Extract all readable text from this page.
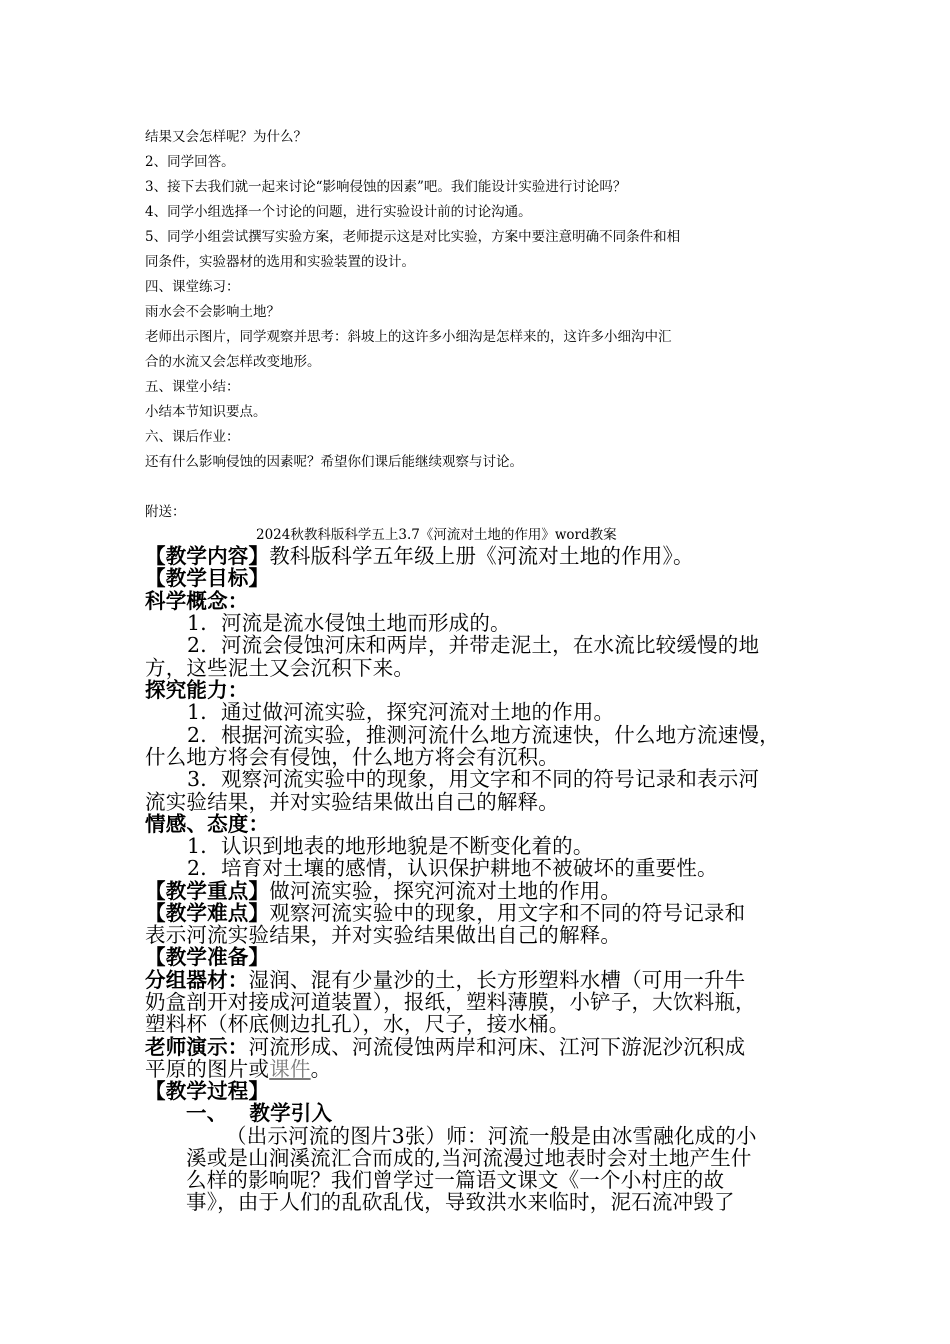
结果又会怎样呢？为什么？
2、同学回答。
3、接下去我们就一起来讨论“影响侵蚀的因素”吧。我们能设计实验进行讨论吗？
4、同学小组选择一个讨论的问题，进行实验设计前的讨论沟通。
5、同学小组尝试撰写实验方案，老师提示这是对比实验，方案中要注意明确不同条件和相
同条件，实验器材的选用和实验装置的设计。
四、课堂练习：
雨水会不会影响土地？
老师出示图片，同学观察并思考：斜坡上的这许多小细沟是怎样来的，这许多小细沟中汇
合的水流又会怎样改变地形。
五、课堂小结：
小结本节知识要点。
六、课后作业：
还有什么影响侵蚀的因素呢？希望你们课后能继续观察与讨论。
附送：
2024秋教科版科学五上3.7《河流对土地的作用》word教案
【教学内容】教科版科学五年级上册《河流对土地的作用》。
【教学目标】
科学概念：
1．河流是流水侵蚀土地而形成的。
2．河流会侵蚀河床和两岸，并带走泥土，在水流比较缓慢的地
方，这些泥土又会沉积下来。
探究能力：
1．通过做河流实验，探究河流对土地的作用。
2．根据河流实验，推测河流什么地方流速快，什么地方流速慢，
什么地方将会有侵蚀，什么地方将会有沉积。
3．观察河流实验中的现象，用文字和不同的符号记录和表示河
流实验结果，并对实验结果做出自己的解释。
情感、态度：
1．认识到地表的地形地貌是不断变化着的。
2．培育对土壤的感情，认识保护耕地不被破坏的重要性。
【教学重点】做河流实验，探究河流对土地的作用。
【教学难点】观察河流实验中的现象，用文字和不同的符号记录和
表示河流实验结果，并对实验结果做出自己的解释。
【教学准备】
分组器材：湿润、混有少量沙的土，长方形塑料水槽（可用一升牛
奶盒剖开对接成河道装置），报纸，塑料薄膜，小铲子，大饮料瓶，
塑料杯（杯底侧边扎孔），水，尺子，接水桶。
老师演示：河流形成、河流侵蚀两岸和河床、江河下游泥沙沉积成
平原的图片或课件。
【教学过程】
一、 教学引入
（出示河流的图片3张）师：河流一般是由冰雪融化成的小
溪或是山涧溪流汇合而成的,当河流漫过地表时会对土地产生什
么样的影响呢？我们曾学过一篇语文课文《一个小村庄的故
事》，由于人们的乱砍乱伐，导致洪水来临时，泥石流冲毁了
